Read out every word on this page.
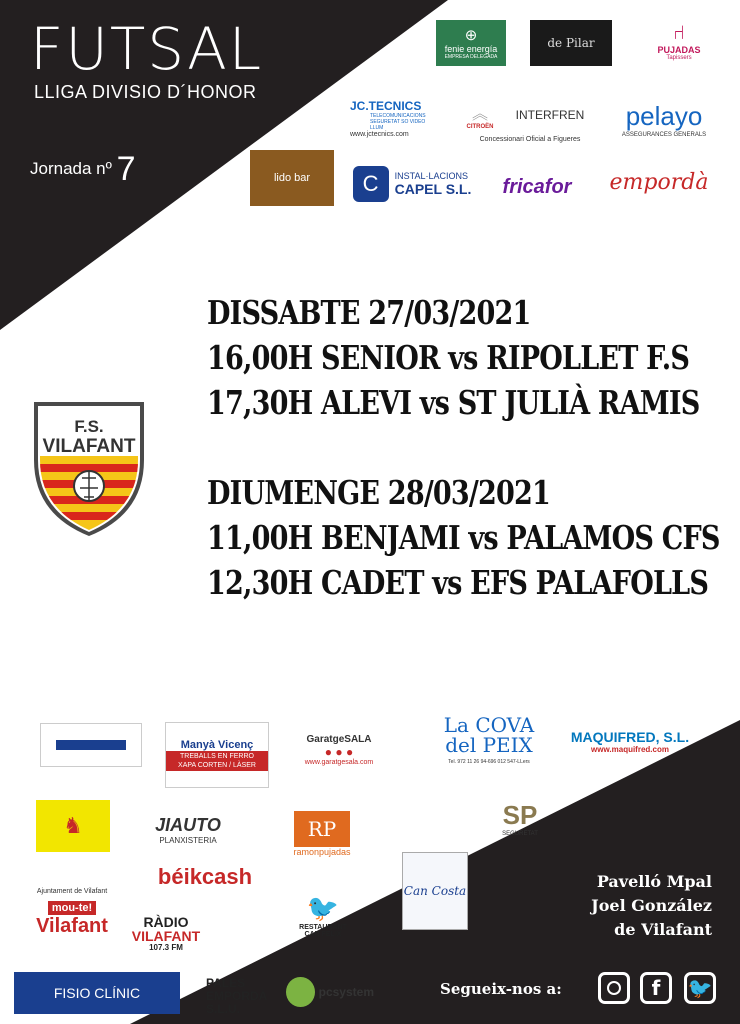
FUTSAL
LLIGA DIVISIO D´HONOR
Jornada nº 7
F.S.
VILAFANT
DISSABTE 27/03/2021
16,00H SENIOR vs RIPOLLET F.S
17,30H ALEVI vs ST JULIÀ RAMIS
DIUMENGE 28/03/2021
11,00H BENJAMI vs PALAMOS CFS
12,30H CADET vs EFS PALAFOLLS
⊕
fenie energía
EMPRESA DELEGADA
de Pilar	⑁
PUJADAS
Tapissers
JC.TECNICS
TELECOMUNICACIONS SEGURETAT SO VIDEO LLUM
www.jctecnics.com
︽
CITROËN
INTERFREN
Concessionari Oficial a Figueres
pelayo
ASSEGURANCES GENERALS
lido bar	C	INSTAL·LACIONS
CAPEL S.L. fricafor empordà
Manyà Vicenç
TREBALLS EN FERRO
XAPA CORTEN / LÀSER
GaratgeSALA
● ● ●
www.garatgesala.com
La COVA
del PEIX
Tel. 972 11 26 94-696 012 547-LLers
MAQUIFRED, S.L.
www.maquifred.com
♞	JIAUTO
PLANXISTERIA	RP
ramonpujadas
SP
SEGURETAT
béikcash
Can Costa
Ajuntament de Vilafant
mou-te!
Vilafant	RÀDIO
VILAFANT
107.3 FM
🐦
RESTAURANT
CAN FELIX
FISIO CLÍNIC
PALES
EMPORDÀ
S.L.U.
pcsystem
Pavelló Mpal
Joel González
de Vilafant
Segueix-nos a:	f	🐦
